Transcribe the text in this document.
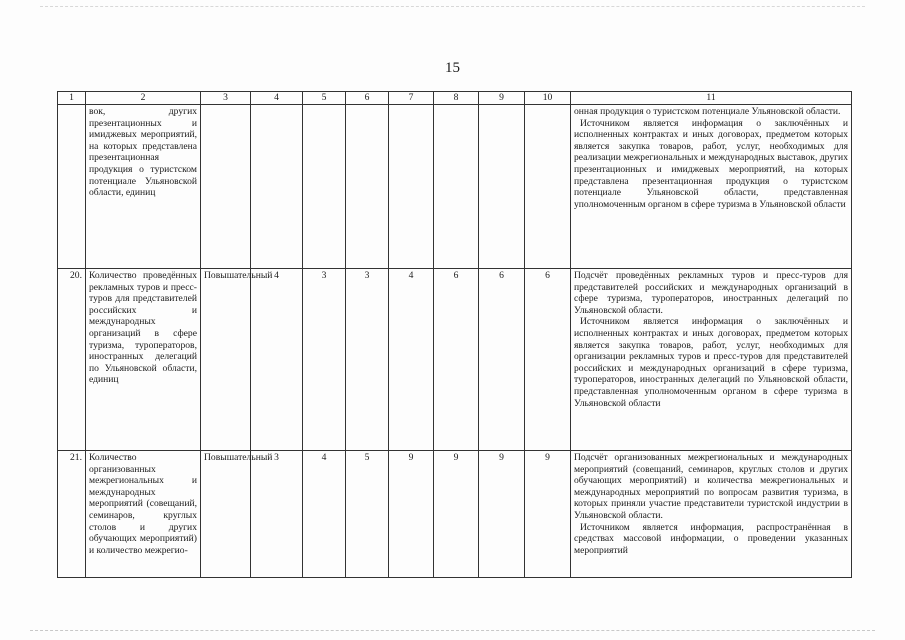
15
1	2	3	4	5	6	7	8	9	10	11
	вок, других презентационных и имиджевых мероприятий, на которых представлена презентационная продукция о туристском потенциале Ульяновской области, единиц									онная продукция о туристском потенциале Ульяновской области.

Источником является информация о заключённых и исполненных контрактах и иных договорах, предметом которых является закупка товаров, работ, услуг, необходимых для реализации межрегиональных и международных выставок, других презентационных и имиджевых мероприятий, на которых представлена презентационная продукция о туристском потенциале Ульяновской области, представленная уполномоченным органом в сфере туризма в Ульяновской области

20.	Количество проведённых рекламных туров и пресс-туров для представителей российских и международных организаций в сфере туризма, туроператоров, иностранных делегаций по Ульяновской области, единиц	Повышательный	4	3	3	4	6	6	6	Подсчёт проведённых рекламных туров и пресс-туров для представителей российских и международных организаций в сфере туризма, туроператоров, иностранных делегаций по Ульяновской области.

Источником является информация о заключённых и исполненных контрактах и иных договорах, предметом которых является закупка товаров, работ, услуг, необходимых для организации рекламных туров и пресс-туров для представителей российских и международных организаций в сфере туризма, туроператоров, иностранных делегаций по Ульяновской области, представленная уполномоченным органом в сфере туризма в Ульяновской области

21.	Количество организованных межрегиональных и международных мероприятий (совещаний, семинаров, круглых столов и других обучающих мероприятий) и количество межрегио-	Повышательный	3	4	5	9	9	9	9	Подсчёт организованных межрегиональных и международных мероприятий (совещаний, семинаров, круглых столов и других обучающих мероприятий) и количества межрегиональных и международных мероприятий по вопросам развития туризма, в которых приняли участие представители туристской индустрии в Ульяновской области.

Источником является информация, распространённая в средствах массовой информации, о проведении указанных мероприятий
